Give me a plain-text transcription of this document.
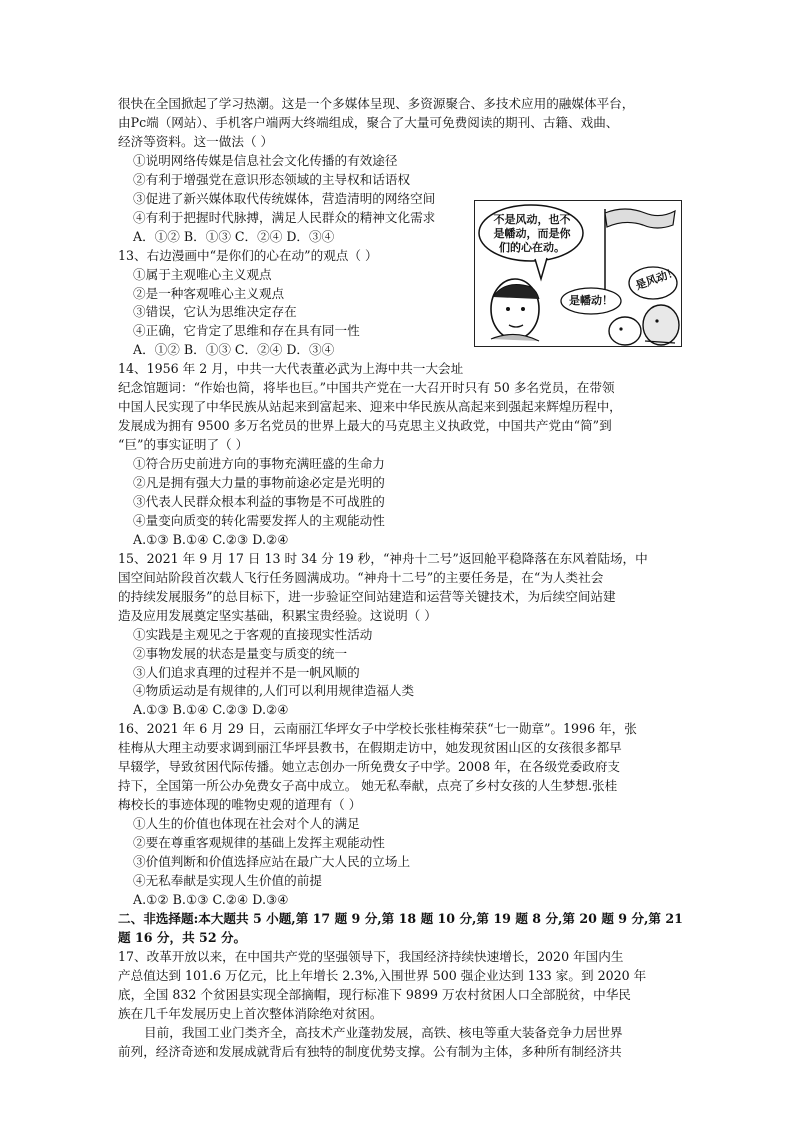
很快在全国掀起了学习热潮。这是一个多媒体呈现、多资源聚合、多技术应用的融媒体平台，
由Pc端（网站）、手机客户端两大终端组成，聚合了大量可免费阅读的期刊、古籍、戏曲、
经济等资料。这一做法（ ）
①说明网络传媒是信息社会文化传播的有效途径
②有利于增强党在意识形态领域的主导权和话语权
③促进了新兴媒体取代传统媒体，营造清明的网络空间
④有利于把握时代脉搏，满足人民群众的精神文化需求
A．①② B．①③ C．②④ D．③④
13、右边漫画中“是你们的心在动”的观点（ ）
①属于主观唯心主义观点
②是一种客观唯心主义观点
③错误，它认为思维决定存在
④正确，它肯定了思维和存在具有同一性
A．①② B．①③ C．②④ D．③④
14、1956 年 2 月，中共一大代表董必武为上海中共一大会址
纪念馆题词：“作始也简，将毕也巨。”中国共产党在一大召开时只有 50 多名党员，在带领
中国人民实现了中华民族从站起来到富起来、迎来中华民族从高起来到强起来辉煌历程中，
发展成为拥有 9500 多万名党员的世界上最大的马克思主义执政党，中国共产党由“简”到
“巨”的事实证明了（ ）
①符合历史前进方向的事物充满旺盛的生命力
②凡是拥有强大力量的事物前途必定是光明的
③代表人民群众根本利益的事物是不可战胜的
④量变向质变的转化需要发挥人的主观能动性
A.①③ B.①④ C.②③ D.②④
15、2021 年 9 月 17 日 13 时 34 分 19 秒，“神舟十二号”返回舱平稳降落在东风着陆场，中
国空间站阶段首次载人飞行任务圆满成功。“神舟十二号”的主要任务是，在“为人类社会
的持续发展服务”的总目标下，进一步验证空间站建造和运营等关键技术，为后续空间站建
造及应用发展奠定坚实基础，积累宝贵经验。这说明（ ）
①实践是主观见之于客观的直接现实性活动
②事物发展的状态是量变与质变的统一
③人们追求真理的过程并不是一帆风顺的
④物质运动是有规律的,人们可以利用规律造福人类
A.①③ B.①④ C.②③ D.②④
16、2021 年 6 月 29 日，云南丽江华坪女子中学校长张桂梅荣获“七一勋章”。1996 年，张
桂梅从大理主动要求调到丽江华坪县教书，在假期走访中，她发现贫困山区的女孩很多都早
早辍学，导致贫困代际传播。她立志创办一所免费女子中学。2008 年，在各级党委政府支
持下，全国第一所公办免费女子高中成立。 她无私奉献，点亮了乡村女孩的人生梦想.张桂
梅校长的事迹体现的唯物史观的道理有（ ）
①人生的价值也体现在社会对个人的满足
②要在尊重客观规律的基础上发挥主观能动性
③价值判断和价值选择应站在最广大人民的立场上
④无私奉献是实现人生价值的前提
A.①② B.①③ C.②④ D.③④
二、非选择题:本大题共 5 小题,第 17 题 9 分,第 18 题 10 分,第 19 题 8 分,第 20 题 9 分,第 21
题 16 分，共 52 分。
17、改革开放以来，在中国共产党的坚强领导下，我国经济持续快速增长，2020 年国内生
产总值达到 101.6 万亿元，比上年增长 2.3%,入围世界 500 强企业达到 133 家。到 2020 年
底，全国 832 个贫困县实现全部摘帽，现行标准下 9899 万农村贫困人口全部脱贫，中华民
族在几千年发展历史上首次整体消除绝对贫困。
目前，我国工业门类齐全，高技术产业蓬勃发展，高铁、核电等重大装备竞争力居世界
前列，经济奇迹和发展成就背后有独特的制度优势支撑。公有制为主体，多种所有制经济共
不是风动，也不
是幡动，而是你
们的心在动。
是幡动！
是风动！
